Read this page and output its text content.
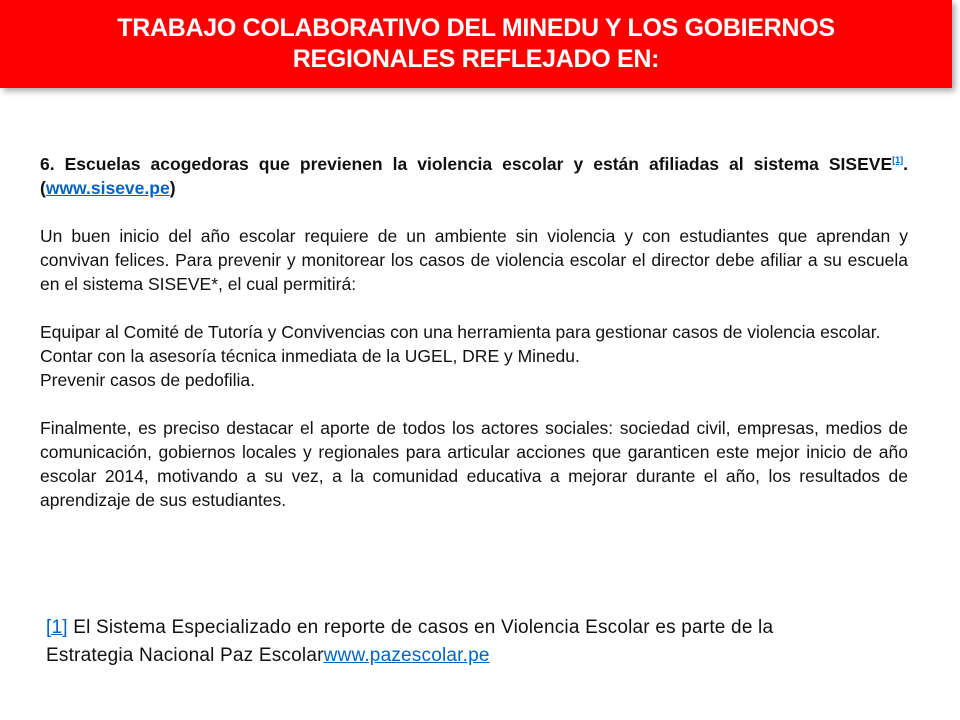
TRABAJO COLABORATIVO DEL MINEDU Y LOS GOBIERNOS
REGIONALES REFLEJADO EN:

6. Escuelas acogedoras que previenen la violencia escolar y están afiliadas al sistema SISEVE[1]. (www.siseve.pe)

Un buen inicio del año escolar requiere de un ambiente sin violencia y con estudiantes que aprendan y convivan felices. Para prevenir y monitorear los casos de violencia escolar el director debe afiliar a su escuela en el sistema SISEVE*, el cual permitirá:

Equipar al Comité de Tutoría y Convivencias con una herramienta para gestionar casos de violencia escolar.

Contar con la asesoría técnica inmediata de la UGEL, DRE y Minedu.

Prevenir casos de pedofilia.

Finalmente, es preciso destacar el aporte de todos los actores sociales: sociedad civil, empresas, medios de comunicación, gobiernos locales y regionales para articular acciones que garanticen este mejor inicio de año escolar 2014, motivando a su vez, a la comunidad educativa a mejorar durante el año, los resultados de aprendizaje de sus estudiantes.

[1] El Sistema Especializado en reporte de casos en Violencia Escolar es parte de la

Estrategia Nacional Paz Escolarwww.pazescolar.pe
